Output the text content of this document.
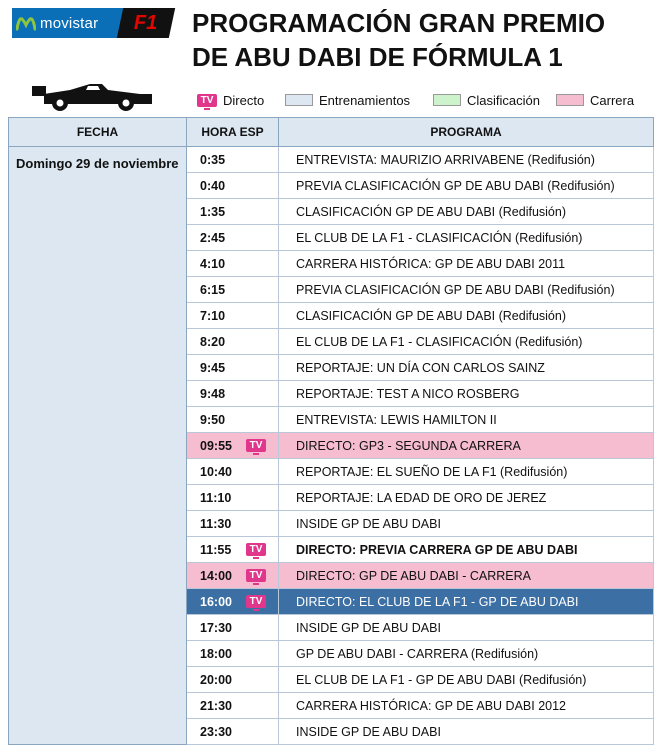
movistar F1 PROGRAMACIÓN GRAN PREMIO
DE ABU DABI DE FÓRMULA 1
TV Directo	Entrenamientos	Clasificación	Carrera
FECHA	HORA ESP	PROGRAMA
Domingo 29 de noviembre	0:35	ENTREVISTA: MAURIZIO ARRIVABENE (Redifusión)
	0:40	PREVIA CLASIFICACIÓN GP DE ABU DABI (Redifusión)
	1:35	CLASIFICACIÓN GP DE ABU DABI (Redifusión)
	2:45	EL CLUB DE LA F1 - CLASIFICACIÓN (Redifusión)
	4:10	CARRERA HISTÓRICA: GP DE ABU DABI 2011
	6:15	PREVIA CLASIFICACIÓN GP DE ABU DABI (Redifusión)
	7:10	CLASIFICACIÓN GP DE ABU DABI (Redifusión)
	8:20	EL CLUB DE LA F1 - CLASIFICACIÓN (Redifusión)
	9:45	REPORTAJE: UN DÍA CON CARLOS SAINZ
	9:48	REPORTAJE: TEST A NICO ROSBERG
	9:50	ENTREVISTA: LEWIS HAMILTON II
	09:55 TV	DIRECTO: GP3 - SEGUNDA CARRERA
	10:40	REPORTAJE: EL SUEÑO DE LA F1 (Redifusión)
	11:10	REPORTAJE: LA EDAD DE ORO DE JEREZ
	11:30	INSIDE GP DE ABU DABI
	11:55 TV	DIRECTO: PREVIA CARRERA GP DE ABU DABI
	14:00 TV	DIRECTO: GP DE ABU DABI - CARRERA
	16:00 TV	DIRECTO: EL CLUB DE LA F1 - GP DE ABU DABI
	17:30	INSIDE GP DE ABU DABI
	18:00	GP DE ABU DABI - CARRERA (Redifusión)
	20:00	EL CLUB DE LA F1 - GP DE ABU DABI (Redifusión)
	21:30	CARRERA HISTÓRICA: GP DE ABU DABI 2012
	23:30	INSIDE GP DE ABU DABI
